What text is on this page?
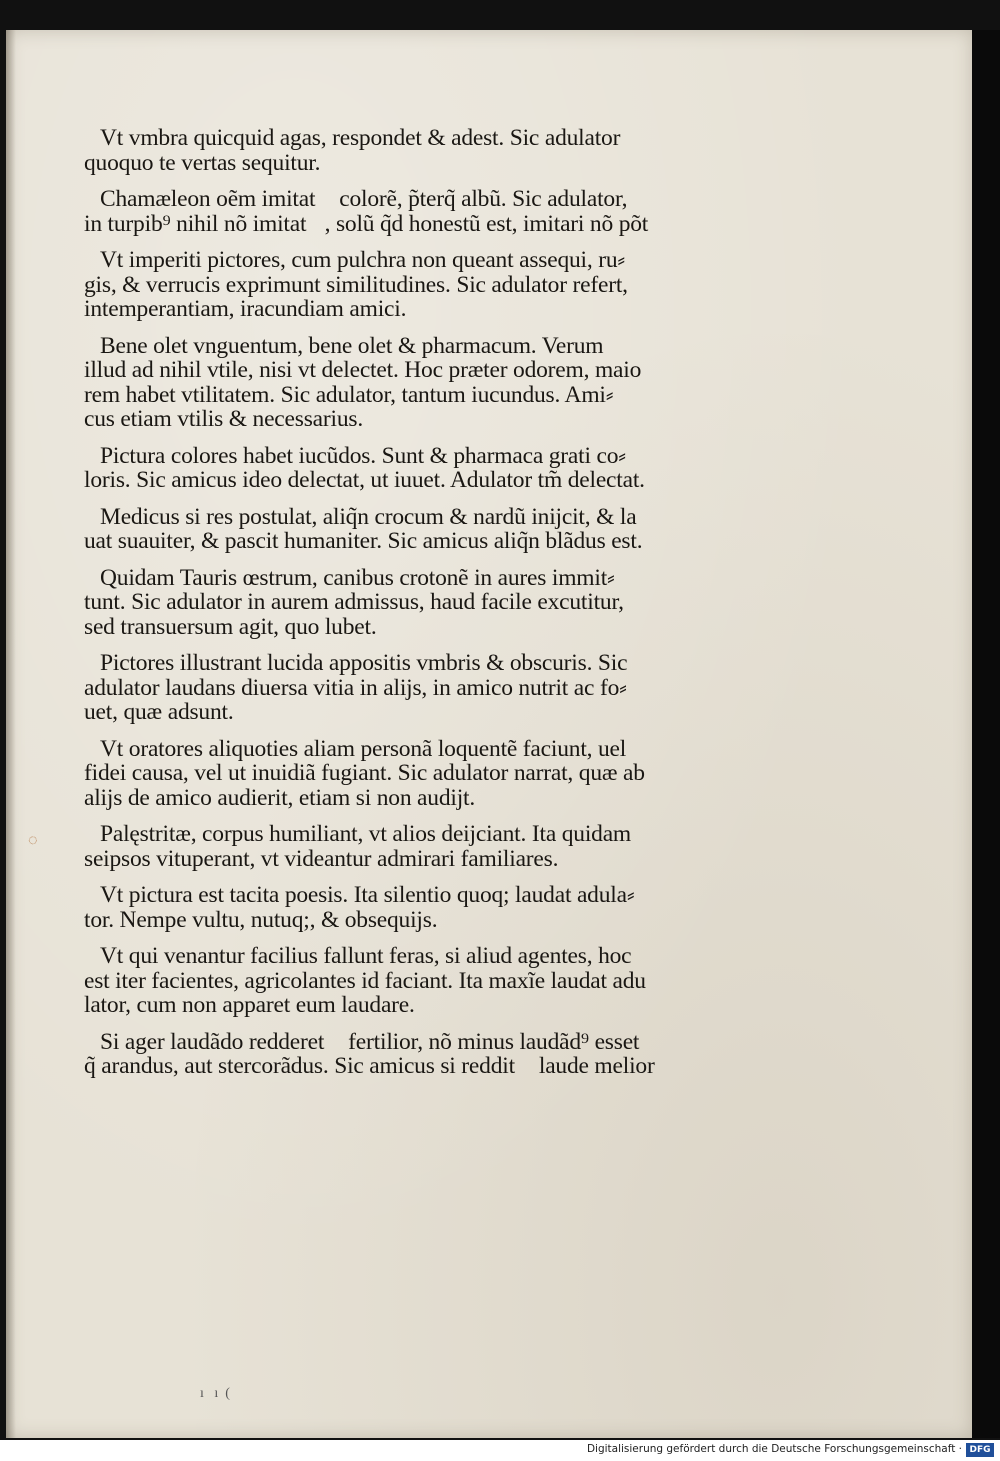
◌
Vt vmbra quicquid agas, respondet & adest. Sic adulator
quoquo te vertas sequitur.
Chamæleon oẽm imitatᷣ colorẽ, p̃terq̃ albũ. Sic adulator,
in turpib⁹ nihil nõ imitatᷣ, solũ q̃d honestũ est, imitari nõ põt
Vt imperiti pictores, cum pulchra non queant assequi, ru⸗
gis, & verrucis exprimunt similitudines. Sic adulator refert,
intemperantiam, iracundiam amici.
Bene olet vnguentum, bene olet & pharmacum. Verum
illud ad nihil vtile, nisi vt delectet. Hoc præter odorem, maio
rem habet vtilitatem. Sic adulator, tantum iucundus. Ami⸗
cus etiam vtilis & necessarius.
Pictura colores habet iucũdos. Sunt & pharmaca grati co⸗
loris. Sic amicus ideo delectat, ut iuuet. Adulator tm̃ delectat.
Medicus si res postulat, aliq̃n crocum & nardũ inijcit, & la
uat suauiter, & pascit humaniter. Sic amicus aliq̃n blãdus est.
Quidam Tauris œstrum, canibus crotonẽ in aures immit⸗
tunt. Sic adulator in aurem admissus, haud facile excutitur,
sed transuersum agit, quo lubet.
Pictores illustrant lucida appositis vmbris & obscuris. Sic
adulator laudans diuersa vitia in alijs, in amico nutrit ac fo⸗
uet, quæ adsunt.
Vt oratores aliquoties aliam personã loquentẽ faciunt, uel
fidei causa, vel ut inuidiã fugiant. Sic adulator narrat, quæ ab
alijs de amico audierit, etiam si non audijt.
Palęstritæ, corpus humiliant, vt alios deijciant. Ita quidam
seipsos vituperant, vt videantur admirari familiares.
Vt pictura est tacita poesis. Ita silentio quoq; laudat adula⸗
tor. Nempe vultu, nutuq;, & obsequijs.
Vt qui venantur facilius fallunt feras, si aliud agentes, hoc
est iter facientes, agricolantes id faciant. Ita maxĩe laudat adu
lator, cum non apparet eum laudare.
Si ager laudãdo redderetᷣ fertilior, nõ minus laudãd⁹ esset
q̃ arandus, aut stercorãdus. Sic amicus si redditᷣ laude melior
ı   ı  (
Digitalisierung gefördert durch die Deutsche Forschungsgemeinschaft · DFG
